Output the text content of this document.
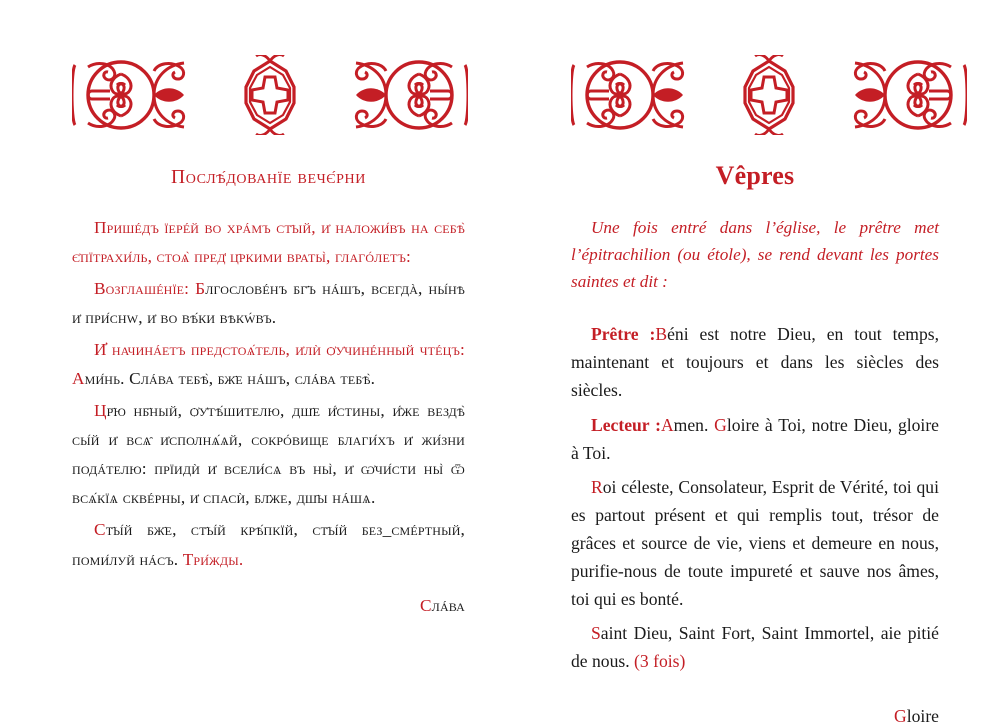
Послѣ́дованїе вечє́рни

Пришéдъ їерéй во хрáмъ ст҃ый, и҆ наложи́въ на себѣ̀ є҆пїтрахи́ль, стоѧ̀ пред̾ ц҃ркими враты̀, глагóлетъ:

Возглашéнїе: Блгословéнъ бг҃ъ нáшъ, всегдà, ны́нѣ и҆ при́снw, и҆ во вѣ́ки вѣкẃвъ.

И҆ начинáетъ предстоѧ́тель, и҆лѝ ѻ҆у҆чинéнный чтéцъ: Ами́нь. Слáва тебѣ̀, бж҃е нáшъ, слáва тебѣ̀.

Цр҃ю нб҃ный, ѻ҆у҆тѣ́шителю, дш҃е и҆́стины, и҆́же вездѣ̀ сы́й и҆ всѧ̑ и҆сполнѧ́ѧй, сокрóвище благи́хъ и҆ жи́зни подáтелю: прїидѝ и҆ всели́сѧ въ ны̀, и҆ ѡ҆чи́сти ны̀ ѿ всѧ́кїѧ сквéрны, и҆ спасѝ, бл҃же, дш҃ы нáшѧ.

Ст҃ы́й бж҃е, ст҃ы́й крѣ́пкїй, ст҃ы́й без_смéртный, поми́луй нáсъ. Три́жды.

Слáва
Vêpres

Une fois entré dans l’église, le prêtre met l’épitrachilion (ou étole), se rend devant les portes saintes et dit :

Prêtre :Béni est notre Dieu, en tout temps, maintenant et toujours et dans les siècles des siècles.

Lecteur :Amen. Gloire à Toi, notre Dieu, gloire à Toi.

Roi céleste, Consolateur, Esprit de Vérité, toi qui es partout présent et qui remplis tout, trésor de grâces et source de vie, viens et demeure en nous, purifie-nous de toute impureté et sauve nos âmes, toi qui es bonté.

Saint Dieu, Saint Fort, Saint Immortel, aie pitié de nous. (3 fois)

Gloire
